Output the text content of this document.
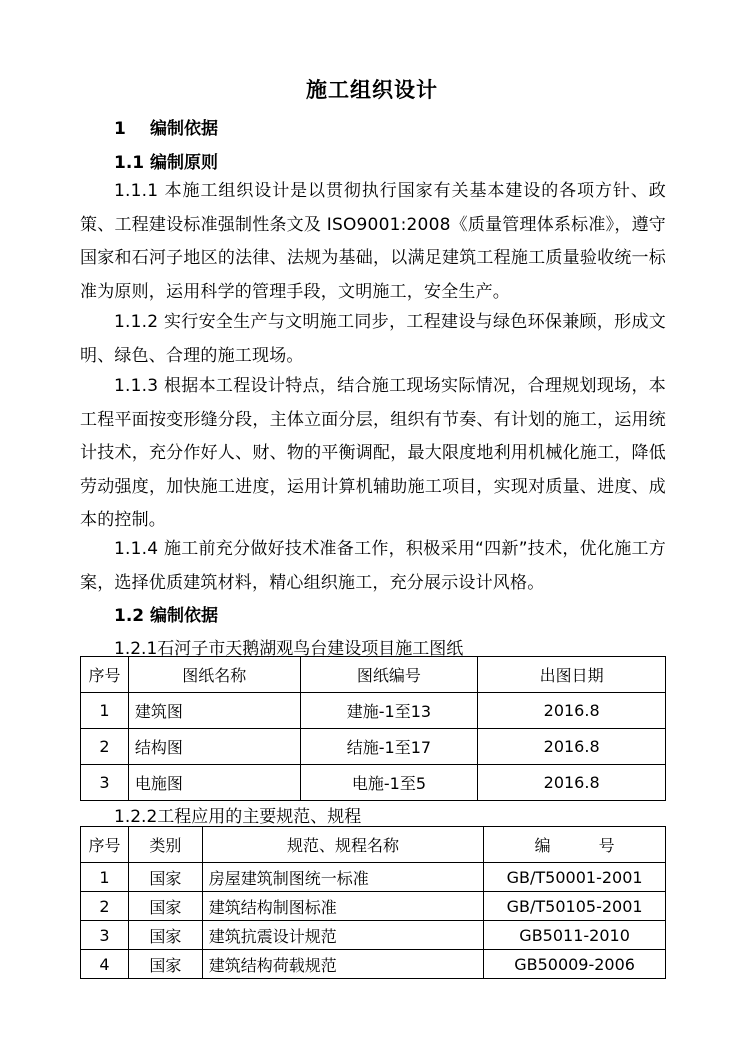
施工组织设计
1 编制依据
1.1 编制原则
1.1.1 本施工组织设计是以贯彻执行国家有关基本建设的各项方针、政策、工程建设标准强制性条文及 ISO9001:2008《质量管理体系标准》，遵守国家和石河子地区的法律、法规为基础，以满足建筑工程施工质量验收统一标准为原则，运用科学的管理手段，文明施工，安全生产。
1.1.2 实行安全生产与文明施工同步，工程建设与绿色环保兼顾，形成文明、绿色、合理的施工现场。
1.1.3 根据本工程设计特点，结合施工现场实际情况，合理规划现场，本工程平面按变形缝分段，主体立面分层，组织有节奏、有计划的施工，运用统计技术，充分作好人、财、物的平衡调配，最大限度地利用机械化施工，降低劳动强度，加快施工进度，运用计算机辅助施工项目，实现对质量、进度、成本的控制。
1.1.4 施工前充分做好技术准备工作，积极采用“四新”技术，优化施工方案，选择优质建筑材料，精心组织施工，充分展示设计风格。
1.2 编制依据
1.2.1石河子市天鹅湖观鸟台建设项目施工图纸
序号	图纸名称	图纸编号	出图日期
1	建筑图	建施-1至13	2016.8
2	结构图	结施-1至17	2016.8
3	电施图	电施-1至5	2016.8
1.2.2工程应用的主要规范、规程
序号	类别	规范、规程名称	编　　　号
1	国家	房屋建筑制图统一标准	GB/T50001-2001
2	国家	建筑结构制图标准	GB/T50105-2001
3	国家	建筑抗震设计规范	GB5011-2010
4	国家	建筑结构荷载规范	GB50009-2006
